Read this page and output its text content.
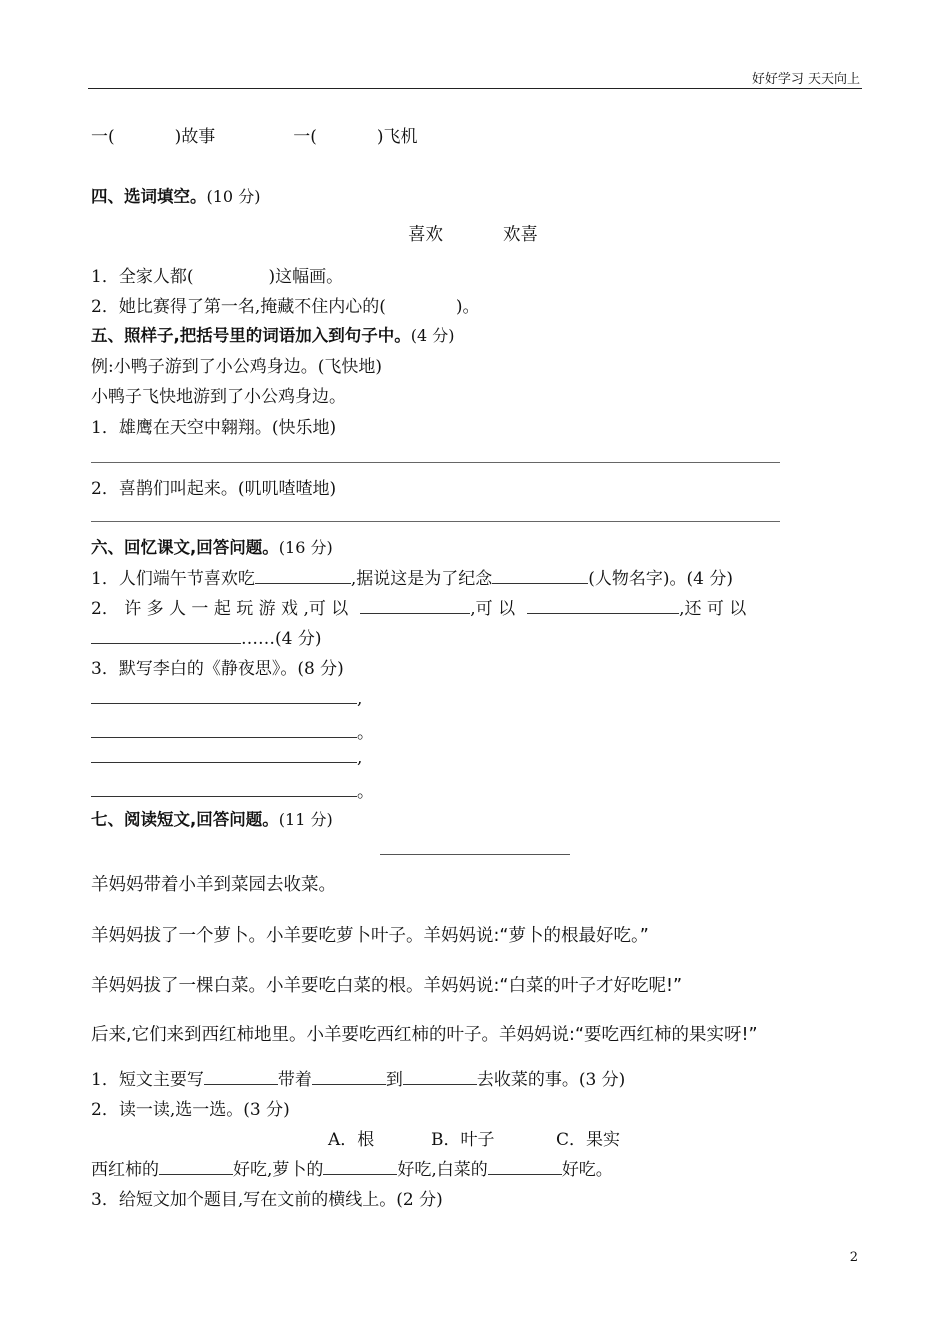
好好学习 天天向上
一(	)故事	一(	)飞机
四、选词填空。(10 分)
喜欢	欢喜
1．全家人都(	)这幅画。
2．她比赛得了第一名,掩藏不住内心的(	)。
五、照样子,把括号里的词语加入到句子中。(4 分)
例:小鸭子游到了小公鸡身边。(飞快地)
小鸭子飞快地游到了小公鸡身边。
1．雄鹰在天空中翱翔。(快乐地)
2．喜鹊们叫起来。(叽叽喳喳地)
六、回忆课文,回答问题。(16 分)
1．人们端午节喜欢吃	,据说这是为了纪念	(人物名字)。(4 分)
2． 许 多 人 一 起 玩 游 戏 ,可 以	,可 以	,还 可 以
……(4 分)
3．默写李白的《静夜思》。(8 分)
,
。
,
。
七、阅读短文,回答问题。(11 分)
羊妈妈带着小羊到菜园去收菜。
羊妈妈拔了一个萝卜。小羊要吃萝卜叶子。羊妈妈说:“萝卜的根最好吃。”
羊妈妈拔了一棵白菜。小羊要吃白菜的根。羊妈妈说:“白菜的叶子才好吃呢!”
后来,它们来到西红柿地里。小羊要吃西红柿的叶子。羊妈妈说:“要吃西红柿的果实呀!”
1．短文主要写	带着	到	去收菜的事。(3 分)
2．读一读,选一选。(3 分)
A．根	B．叶子	C．果实
西红柿的	好吃,萝卜的	好吃,白菜的	好吃。
3．给短文加个题目,写在文前的横线上。(2 分)
2
